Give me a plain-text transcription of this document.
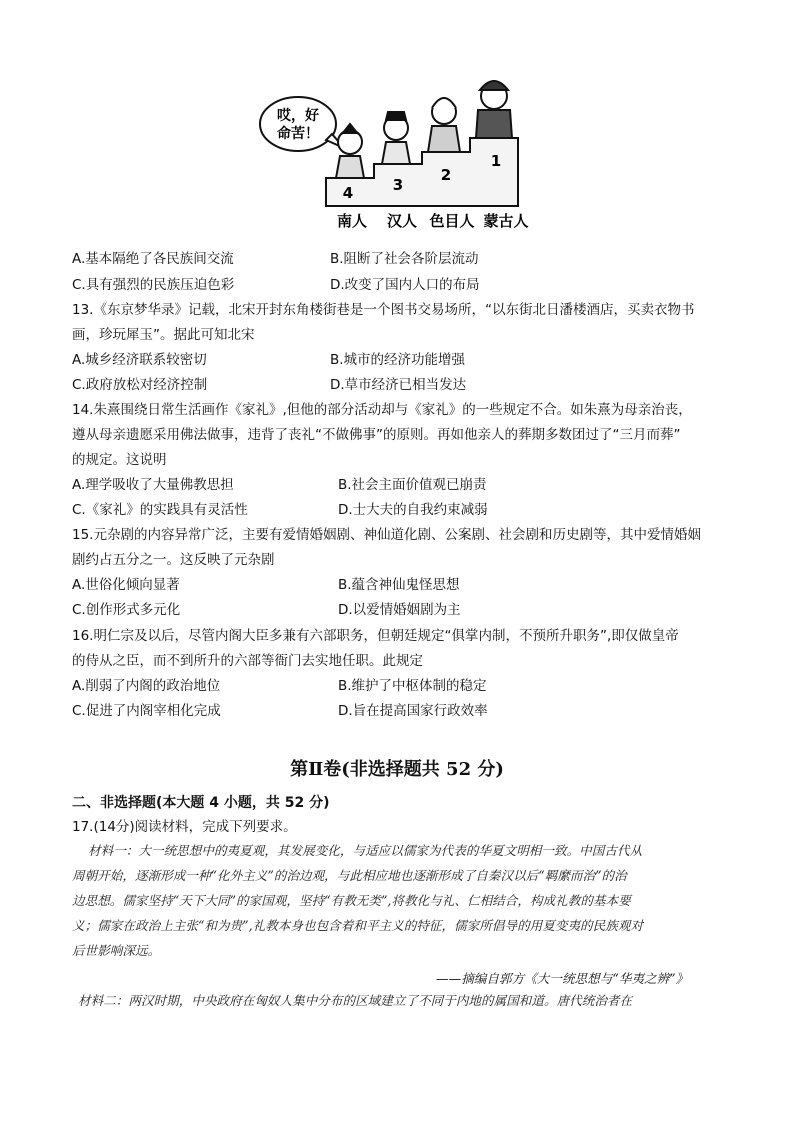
哎，好
命苦！
4	3
2
1
南人 汉人 色目人 蒙古人
A.基本隔绝了各民族间交流	B.阻断了社会各阶层流动
C.具有强烈的民族压迫色彩	D.改变了国内人口的布局
13.《东京梦华录》记载，北宋开封东角楼街巷是一个图书交易场所，“以东街北日潘楼酒店，买卖衣物书
画，珍玩犀玉”。据此可知北宋
A.城乡经济联系较密切	B.城市的经济功能增强
C.政府放松对经济控制	D.草市经济已相当发达
14.朱熹围绕日常生活画作《家礼》,但他的部分活动却与《家礼》的一些规定不合。如朱熹为母亲治丧，
遵从母亲遗愿采用佛法做事，违背了丧礼“不做佛事”的原则。再如他亲人的葬期多数团过了“三月而葬”
的规定。这说明
A.理学吸收了大量佛教思担	B.社会主面价值观已崩责
C.《家礼》的实践具有灵活性	D.士大夫的自我约束减弱
15.元杂剧的内容异常广泛，主要有爱情婚姻剧、神仙道化剧、公案剧、社会剧和历史剧等，其中爱情婚姻
剧约占五分之一。这反映了元杂剧
A.世俗化倾向显著	B.蕴含神仙鬼怪思想
C.创作形式多元化	D.以爱情婚姻剧为主
16.明仁宗及以后，尽管内阁大臣多兼有六部职务，但朝廷规定“俱掌内制，不预所升职务”,即仅做皇帝
的侍从之臣，而不到所升的六部等衙门去实地任职。此规定
A.削弱了内阁的政治地位	B.维护了中枢体制的稳定
C.促进了内阁宰相化完成	D.旨在提高国家行政效率
第Ⅱ卷(非选择题共 52 分)
二、非选择题(本大题 4 小题，共 52 分)
17.(14分)阅读材料，完成下列要求。
材料一：大一统思想中的夷夏观，其发展变化，与适应以儒家为代表的华夏文明相一致。中国古代从
周朝开始，逐渐形成一种“化外主义”的治边观，与此相应地也逐渐形成了自秦汉以后“羁縻而治”的治
边思想。儒家坚持“天下大同”的家国观，坚持“有教无类”,将教化与礼、仁相结合，构成礼教的基本要
义；儒家在政治上主张“和为贵”,礼教本身也包含着和平主义的特征，儒家所倡导的用夏变夷的民族观对
后世影响深远。
——摘编自郭方《大一统思想与“华夷之辨”》
材料二：两汉时期，中央政府在匈奴人集中分布的区域建立了不同于内地的属国和道。唐代统治者在
